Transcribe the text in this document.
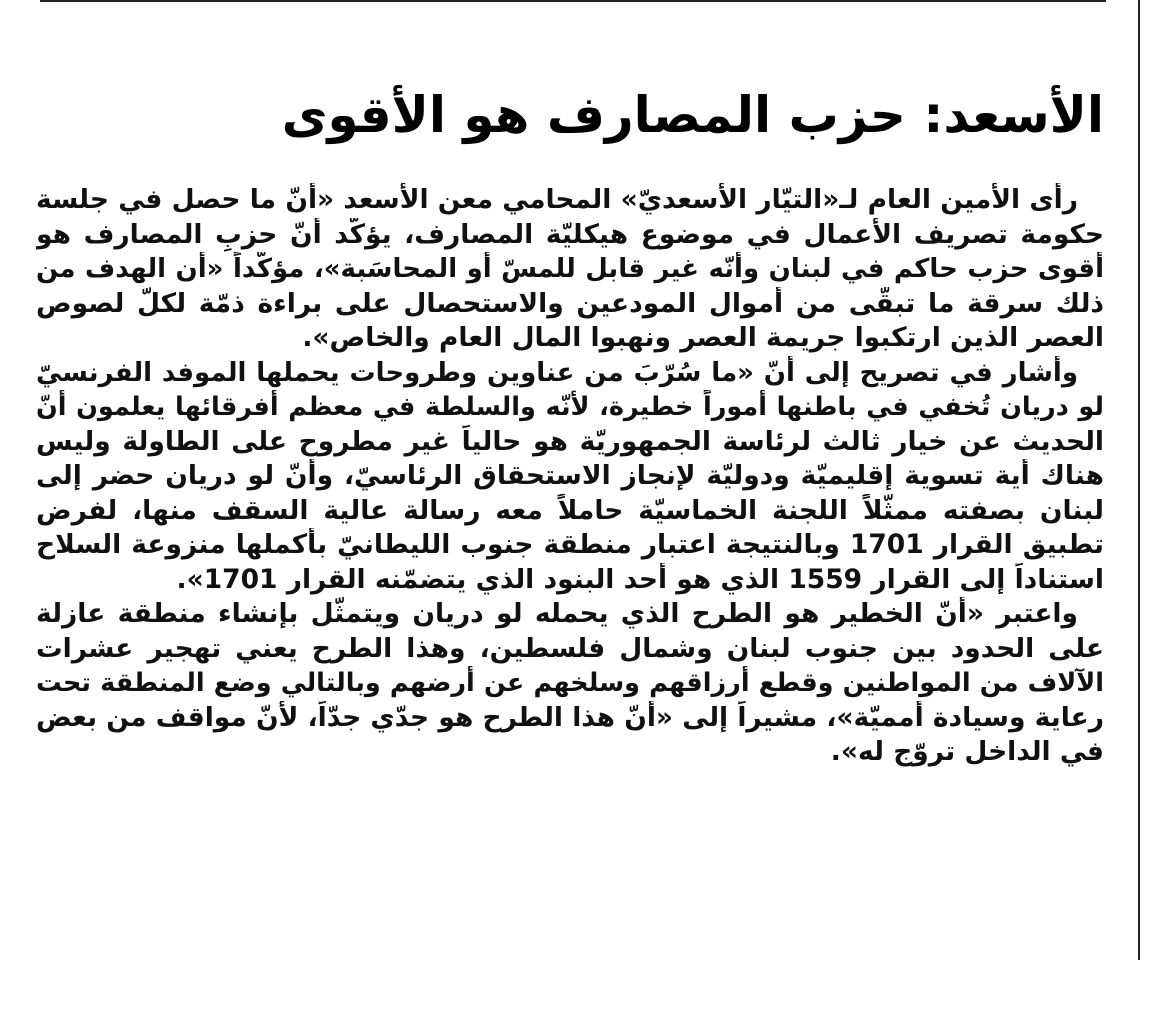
الأسعد: حزب المصارف هو الأقوى

رأى الأمين العام لـ«التيّار الأسعديّ» المحامي معن الأسعد «أنّ ما حصل في جلسة
حكومة تصريف الأعمال في موضوع هيكليّة المصارف، يؤكّد أنّ حزبِ المصارف هو
أقوى حزب حاكم في لبنان وأنّه غير قابل للمسّ أو المحاسَبة»، مؤكّداً «أن الهدف من
ذلك سرقة ما تبقّى من أموال المودعين والاستحصال على براءة ذمّة لكلّ لصوص
العصر الذين ارتكبوا جريمة العصر ونهبوا المال العام والخاص».

وأشار في تصريح إلى أنّ «ما سُرّبَ من عناوين وطروحات يحملها الموفد الفرنسيّ
لو دريان تُخفي في باطنها أموراً خطيرة، لأنّه والسلطة في معظم أفرقائها يعلمون أنّ
الحديث عن خيار ثالث لرئاسة الجمهوريّة هو حالياً غير مطروح على الطاولة وليس
هناك أية تسوية إقليميّة ودوليّة لإنجاز الاستحقاق الرئاسيّ، وأنّ لو دريان حضر إلى
لبنان بصفته ممثّلاً اللجنة الخماسيّة حاملاً معه رسالة عالية السقف منها، لفرض
تطبيق القرار 1701 وبالنتيجة اعتبار منطقة جنوب الليطانيّ بأكملها منزوعة السلاح
استناداً إلى القرار 1559 الذي هو أحد البنود الذي يتضمّنه القرار 1701».

واعتبر «أنّ الخطير هو الطرح الذي يحمله لو دريان ويتمثّل بإنشاء منطقة عازلة
على الحدود بين جنوب لبنان وشمال فلسطين، وهذا الطرح يعني تهجير عشرات
الآلاف من المواطنين وقطع أرزاقهم وسلخهم عن أرضهم وبالتالي وضع المنطقة تحت
رعاية وسيادة أمميّة»، مشيراً إلى «أنّ هذا الطرح هو جدّي جدّاً، لأنّ مواقف من بعض
في الداخل تروّج له».
